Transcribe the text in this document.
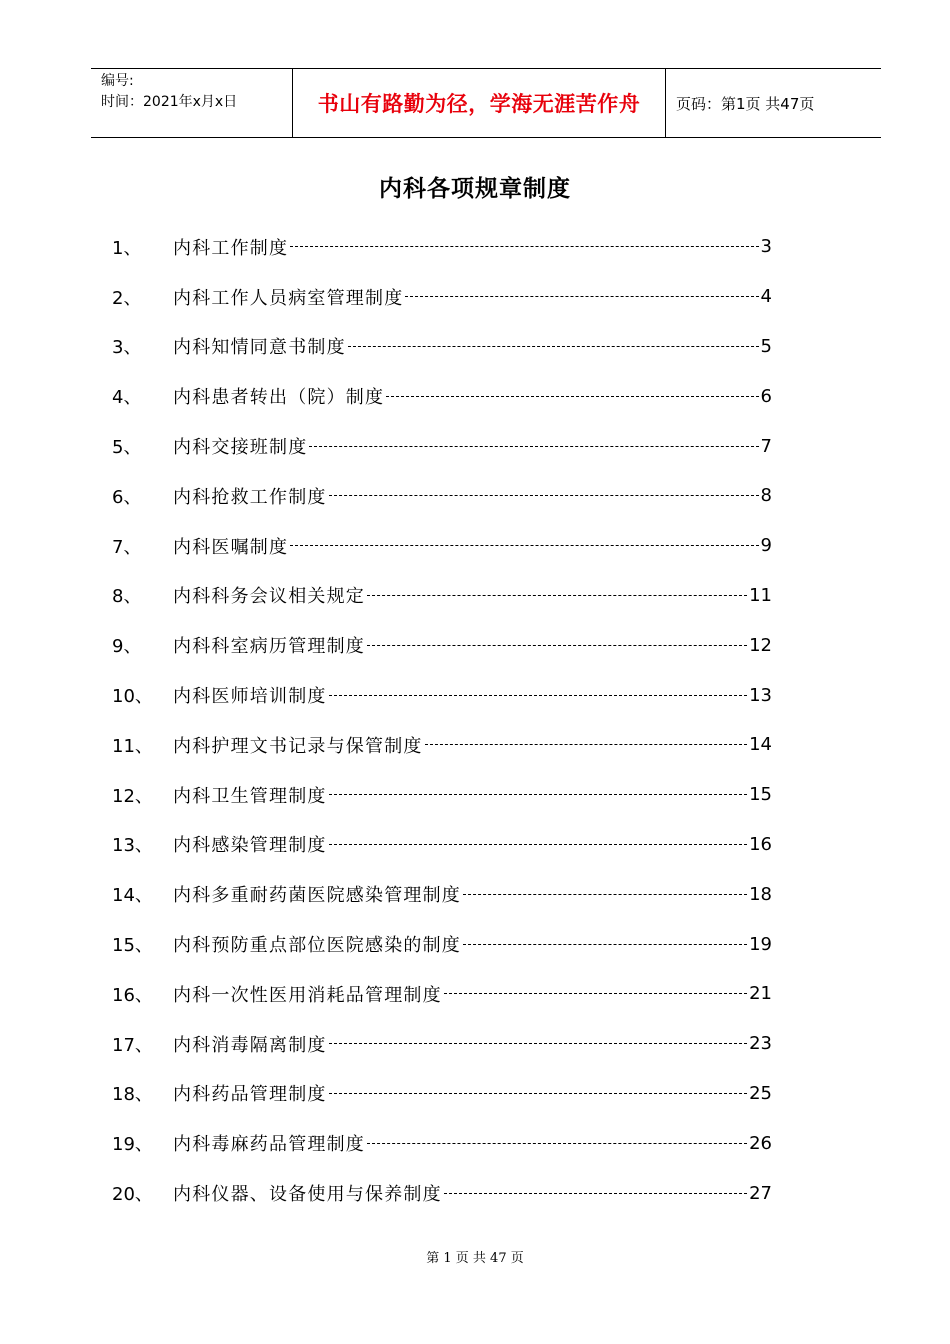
编号:
时间：2021年x月x日	书山有路勤为径，学海无涯苦作舟	页码：第1页 共47页
内科各项规章制度
1、	内科工作制度	3
2、	内科工作人员病室管理制度	4
3、	内科知情同意书制度	5
4、	内科患者转出（院）制度	6
5、	内科交接班制度	7
6、	内科抢救工作制度	8
7、	内科医嘱制度	9
8、	内科科务会议相关规定	11
9、	内科科室病历管理制度	12
10、	内科医师培训制度	13
11、	内科护理文书记录与保管制度	14
12、	内科卫生管理制度	15
13、	内科感染管理制度	16
14、	内科多重耐药菌医院感染管理制度	18
15、	内科预防重点部位医院感染的制度	19
16、	内科一次性医用消耗品管理制度	21
17、	内科消毒隔离制度	23
18、	内科药品管理制度	25
19、	内科毒麻药品管理制度	26
20、	内科仪器、设备使用与保养制度	27
第 1 页 共 47 页
